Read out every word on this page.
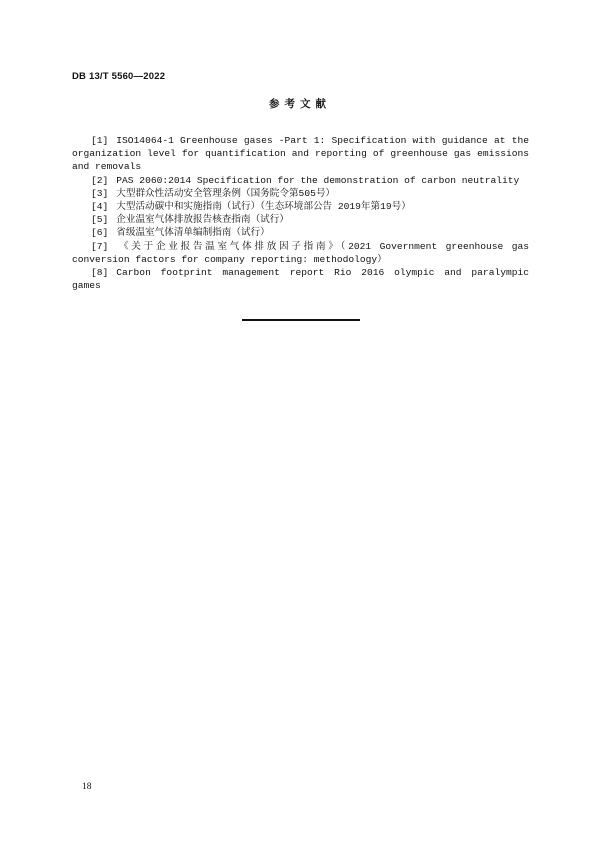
DB 13/T 5560—2022
参考文献

[1] ISO14064-1 Greenhouse gases -Part 1: Specification with guidance at the organization level for quantification and reporting of greenhouse gas emissions and removals

[2] PAS 2060:2014 Specification for the demonstration of carbon neutrality

[3] 大型群众性活动安全管理条例（国务院令第505号）

[4] 大型活动碳中和实施指南（试行）（生态环境部公告 2019年第19号）

[5] 企业温室气体排放报告核查指南（试行）

[6] 省级温室气体清单编制指南（试行）

[7] 《关于企业报告温室气体排放因子指南》（2021 Government greenhouse gas conversion factors for company reporting: methodology）

[8] Carbon footprint management report Rio 2016 olympic and paralympic games

18
